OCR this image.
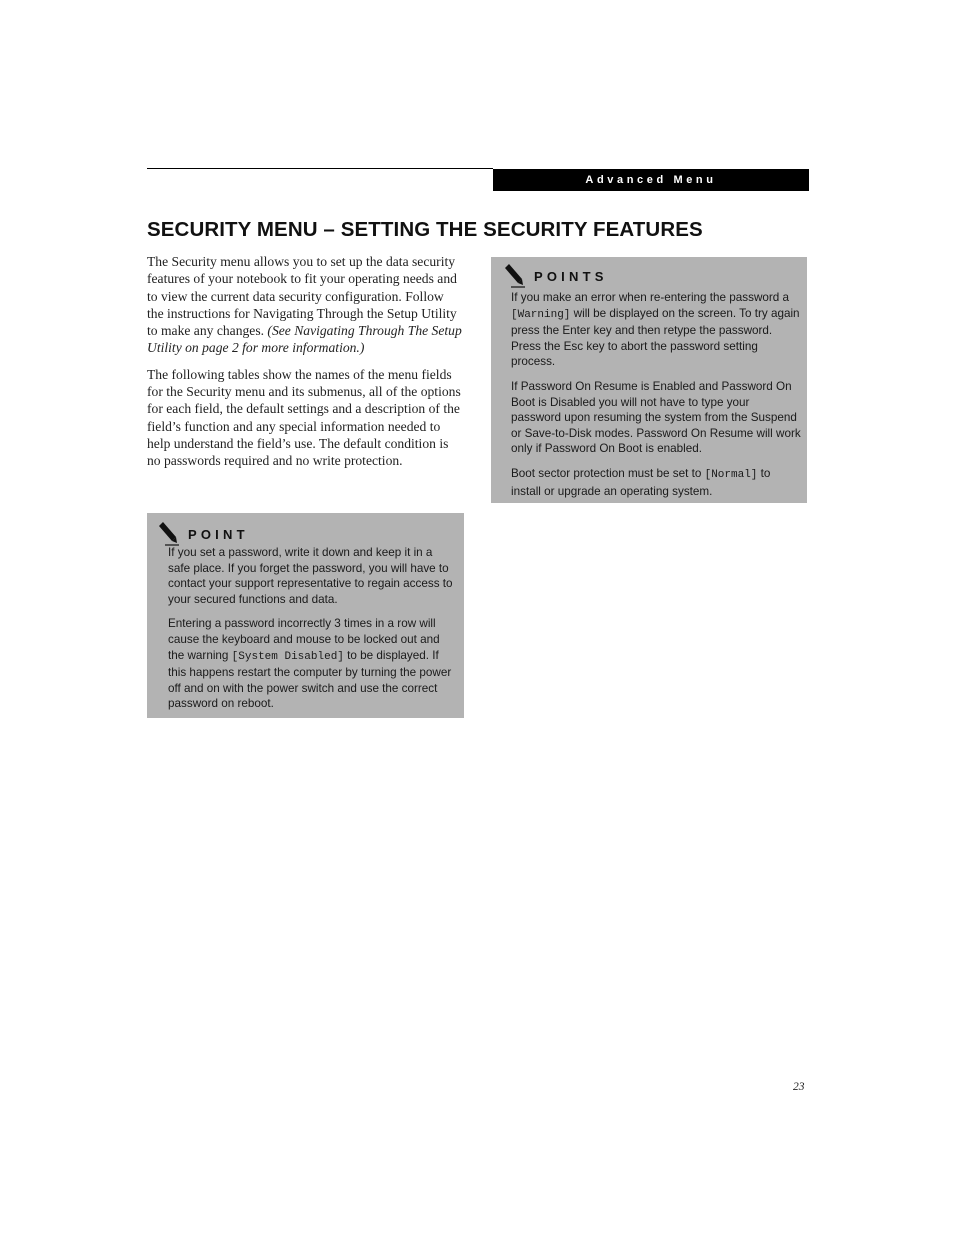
Advanced Menu
SECURITY MENU – SETTING THE SECURITY FEATURES

The Security menu allows you to set up the data security features of your notebook to fit your operating needs and to view the current data security configuration. Follow the instructions for Navigating Through the Setup Utility to make any changes. (See Navigating Through The Setup Utility on page 2 for more information.)

The following tables show the names of the menu fields for the Security menu and its submenus, all of the options for each field, the default settings and a description of the field’s function and any special information needed to help understand the field’s use. The default condition is no passwords required and no write protection.

POINT

If you set a password, write it down and keep it in a safe place. If you forget the password, you will have to contact your support representative to regain access to your secured functions and data.

Entering a password incorrectly 3 times in a row will cause the keyboard and mouse to be locked out and the warning [System Disabled] to be displayed. If this happens restart the computer by turning the power off and on with the power switch and use the correct password on reboot.

POINTS

If you make an error when re-entering the password a [Warning] will be displayed on the screen. To try again press the Enter key and then retype the password. Press the Esc key to abort the password setting process.

If Password On Resume is Enabled and Password On Boot is Disabled you will not have to type your password upon resuming the system from the Suspend or Save-to-Disk modes. Password On Resume will work only if Password On Boot is enabled.

Boot sector protection must be set to [Normal] to install or upgrade an operating system.

23
